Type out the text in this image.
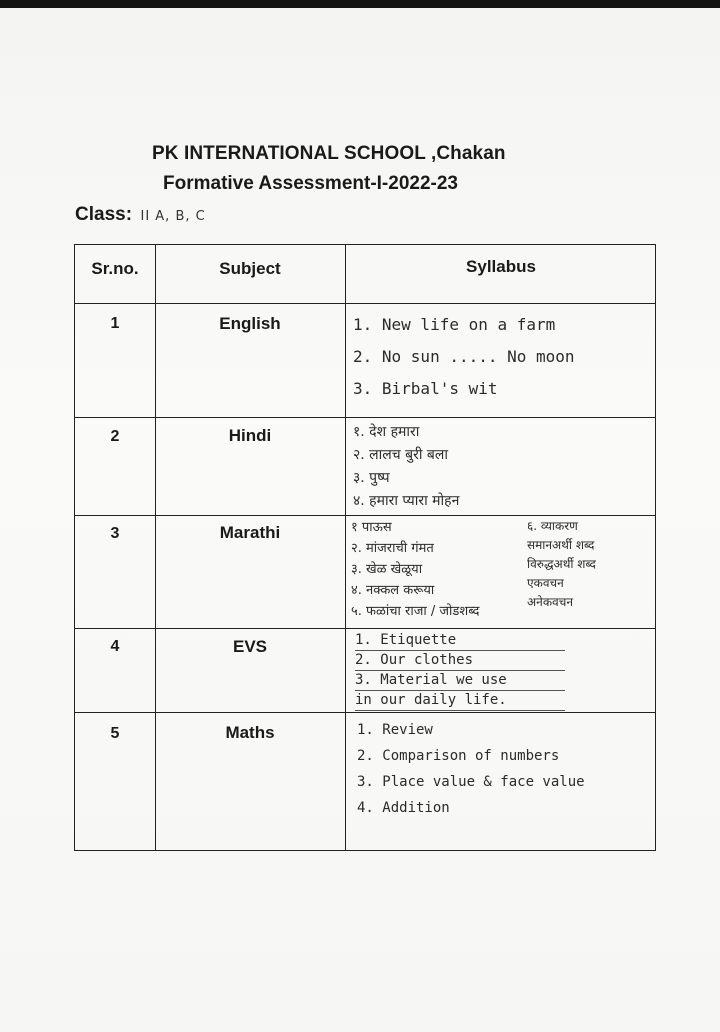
PK INTERNATIONAL SCHOOL ,Chakan
Formative Assessment-I-2022-23
Class: II A, B, C
Sr.no.	Subject	Syllabus
1	English	1. New life on a farm
2. No sun ..... No moon
3. Birbal's wit
2	Hindi	१. देश हमारा
२. लालच बुरी बला
३. पुष्प
४. हमारा प्यारा मोहन
3	Marathi	१ पाऊस
२. मांजराची गंमत
३. खेळ खेळूया
४. नक्कल करूया
५. फळांचा राजा / जोडशब्द
६. व्याकरण
समानअर्थी शब्द
विरुद्धअर्थी शब्द
एकवचन
अनेकवचन
4	EVS	1. Etiquette
2. Our clothes
3. Material we use
in our daily life.
5	Maths	1. Review
2. Comparison of numbers
3. Place value & face value
4. Addition
